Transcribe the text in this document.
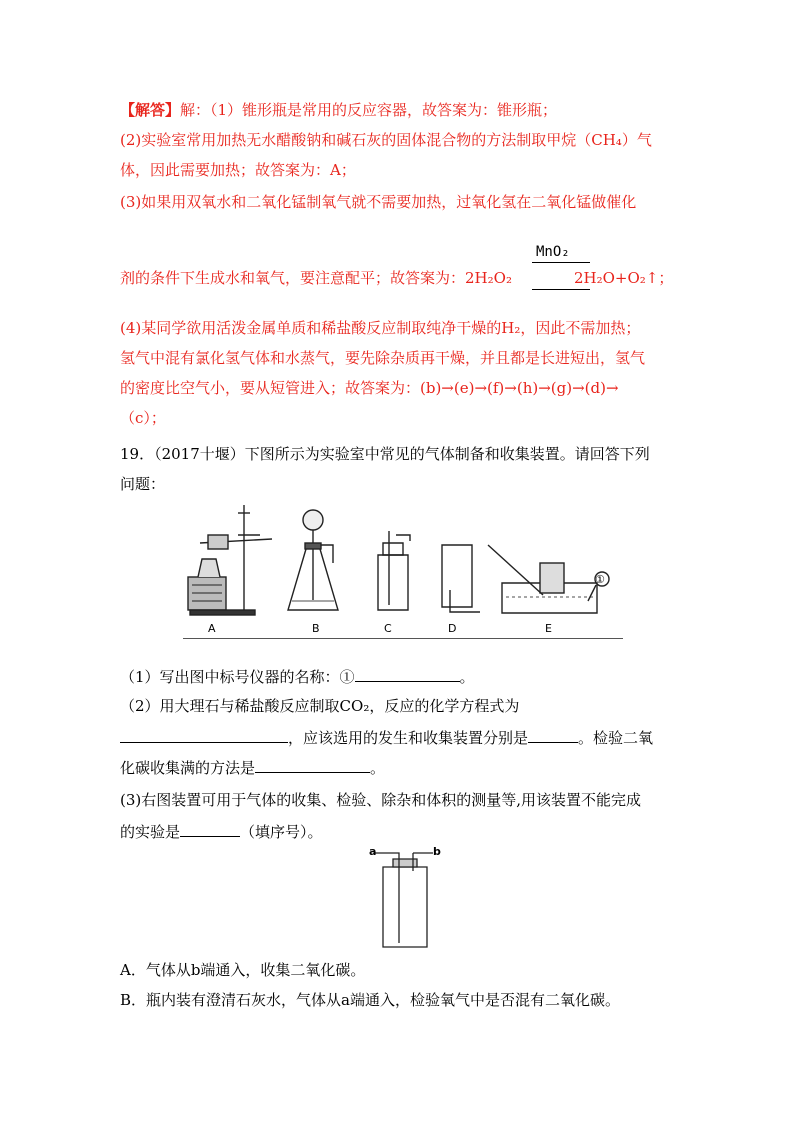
【解答】解：（1）锥形瓶是常用的反应容器，故答案为：锥形瓶；
(2)实验室常用加热无水醋酸钠和碱石灰的固体混合物的方法制取甲烷（CH₄）气
体，因此需要加热；故答案为：A；
(3)如果用双氧水和二氧化锰制氧气就不需要加热，过氧化氢在二氧化锰做催化
MnO₂
剂的条件下生成水和氧气，要注意配平；故答案为：2H₂O₂	2H₂O+O₂↑；
(4)某同学欲用活泼金属单质和稀盐酸反应制取纯净干燥的H₂，因此不需加热；
氢气中混有氯化氢气体和水蒸气，要先除杂质再干燥，并且都是长进短出，氢气
的密度比空气小，要从短管进入；故答案为：(b)→(e)→(f)→(h)→(g)→(d)→
（c）；
19．（2017十堰）下图所示为实验室中常见的气体制备和收集装置。请回答下列
问题：
①
A	B	C	D	E
（1）写出图中标号仪器的名称：①	。
（2）用大理石与稀盐酸反应制取CO₂，反应的化学方程式为
，应该选用的发生和收集装置分别是	。检验二氧
化碳收集满的方法是	。
(3)右图装置可用于气体的收集、检验、除杂和体积的测量等,用该装置不能完成
的实验是	（填序号）。
a	b
A．气体从b端通入，收集二氧化碳。
B．瓶内装有澄清石灰水，气体从a端通入，检验氧气中是否混有二氧化碳。
